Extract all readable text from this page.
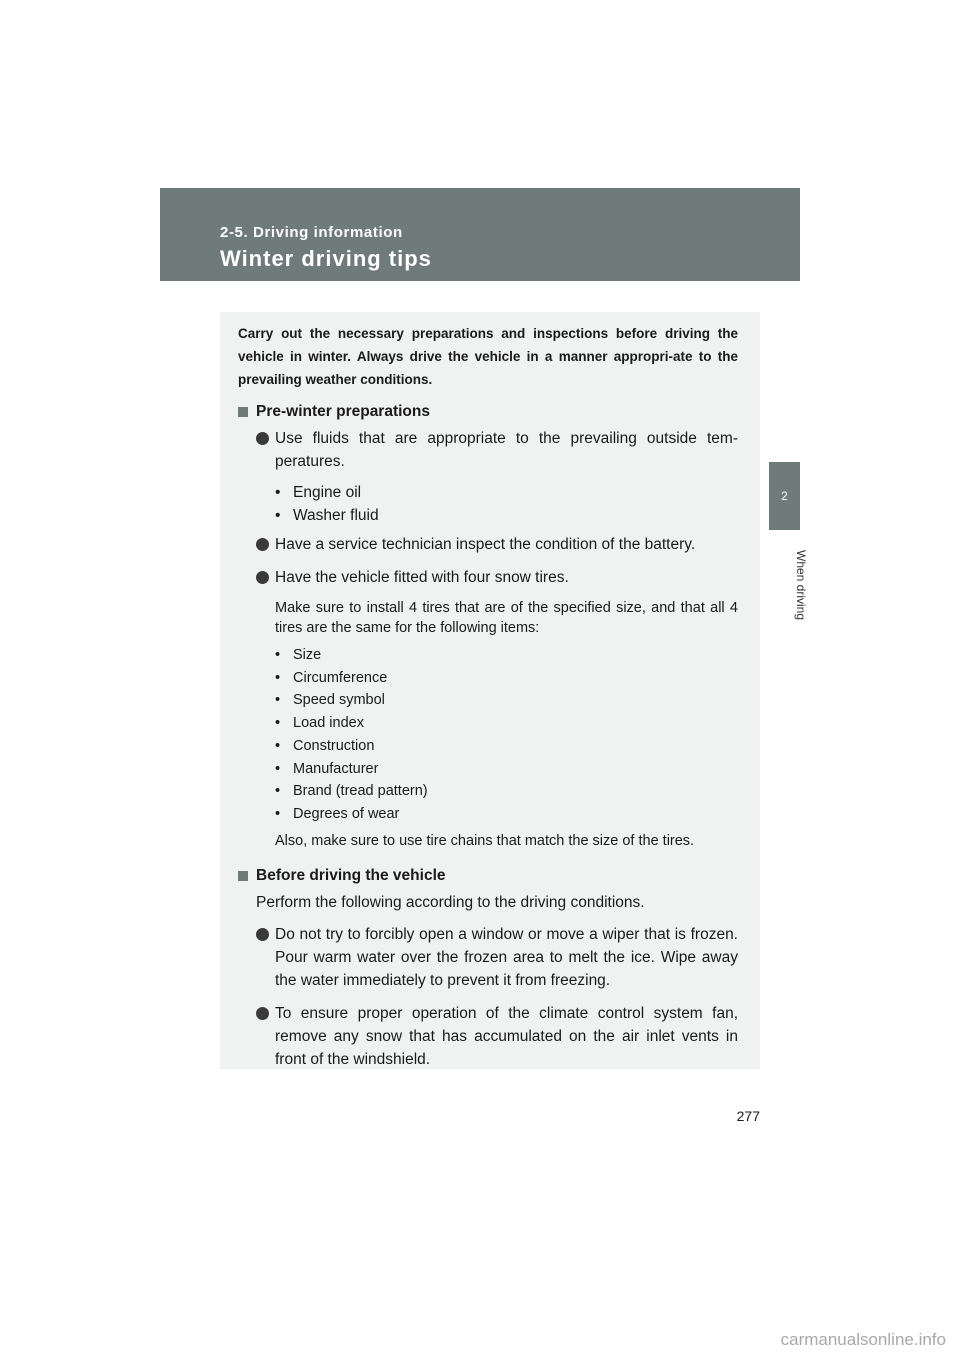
2-5. Driving information
Winter driving tips
2
When driving

Carry out the necessary preparations and inspections before driving the vehicle in winter. Always drive the vehicle in a manner appropri-ate to the prevailing weather conditions.

Pre-winter preparations
Use fluids that are appropriate to the prevailing outside tem-peratures.
• Engine oil
• Washer fluid
Have a service technician inspect the condition of the battery.
Have the vehicle fitted with four snow tires.

Make sure to install 4 tires that are of the specified size, and that all 4 tires are the same for the following items:

• Size
• Circumference
• Speed symbol
• Load index
• Construction
• Manufacturer
• Brand (tread pattern)
• Degrees of wear

Also, make sure to use tire chains that match the size of the tires.

Before driving the vehicle

Perform the following according to the driving conditions.

Do not try to forcibly open a window or move a wiper that is frozen. Pour warm water over the frozen area to melt the ice. Wipe away the water immediately to prevent it from freezing.
To ensure proper operation of the climate control system fan, remove any snow that has accumulated on the air inlet vents in front of the windshield.
277
carmanualsonline.info
